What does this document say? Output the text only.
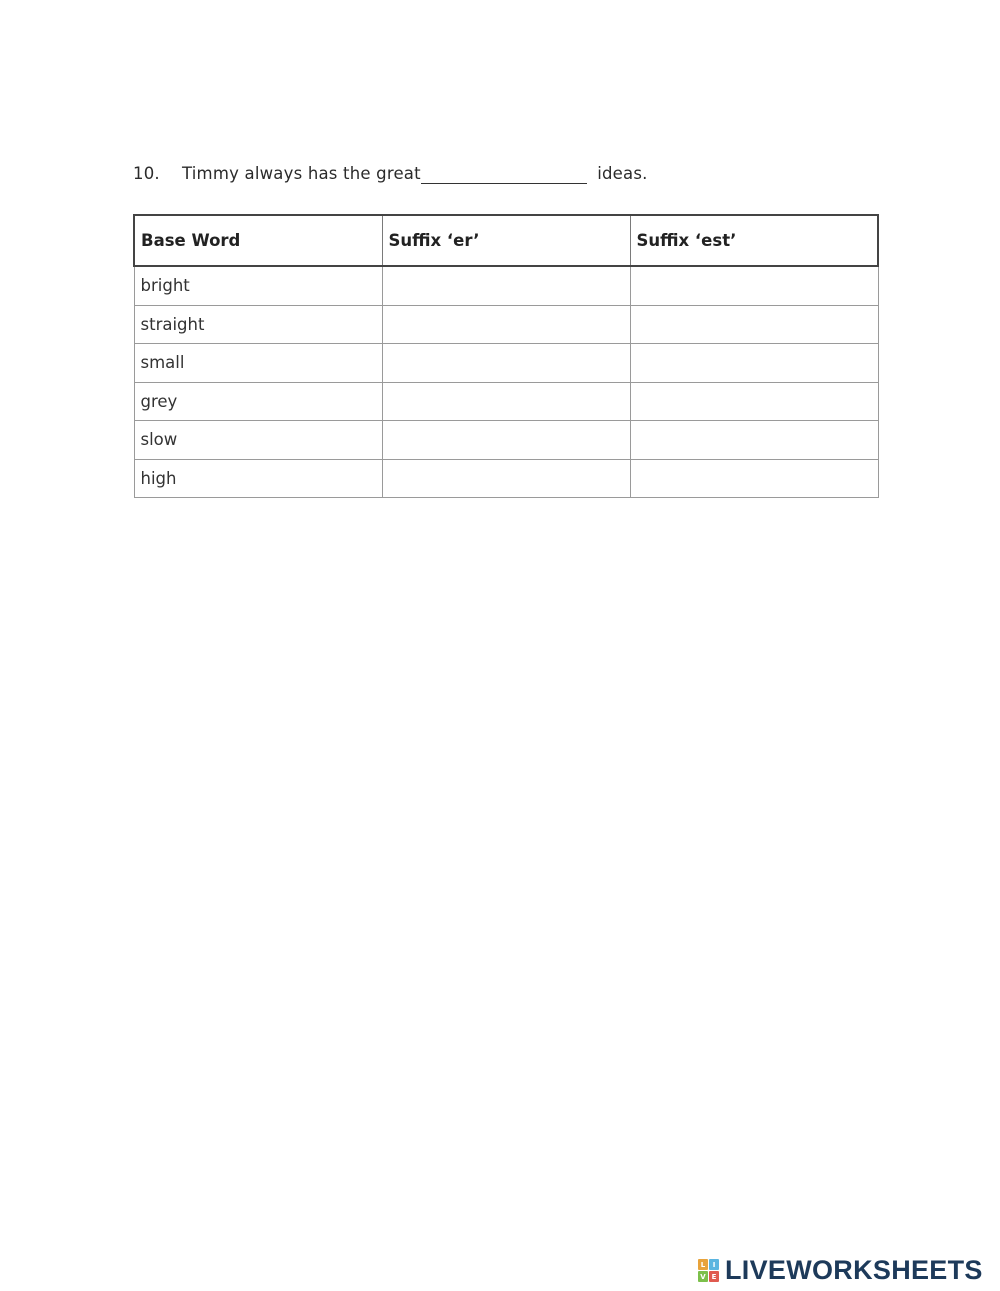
10. Timmy always has the great	ideas.
Base Word	Suffix ‘er’	Suffix ‘est’
bright		
straight		
small		
grey		
slow		
high		
L	I
V E LIVEWORKSHEETS
